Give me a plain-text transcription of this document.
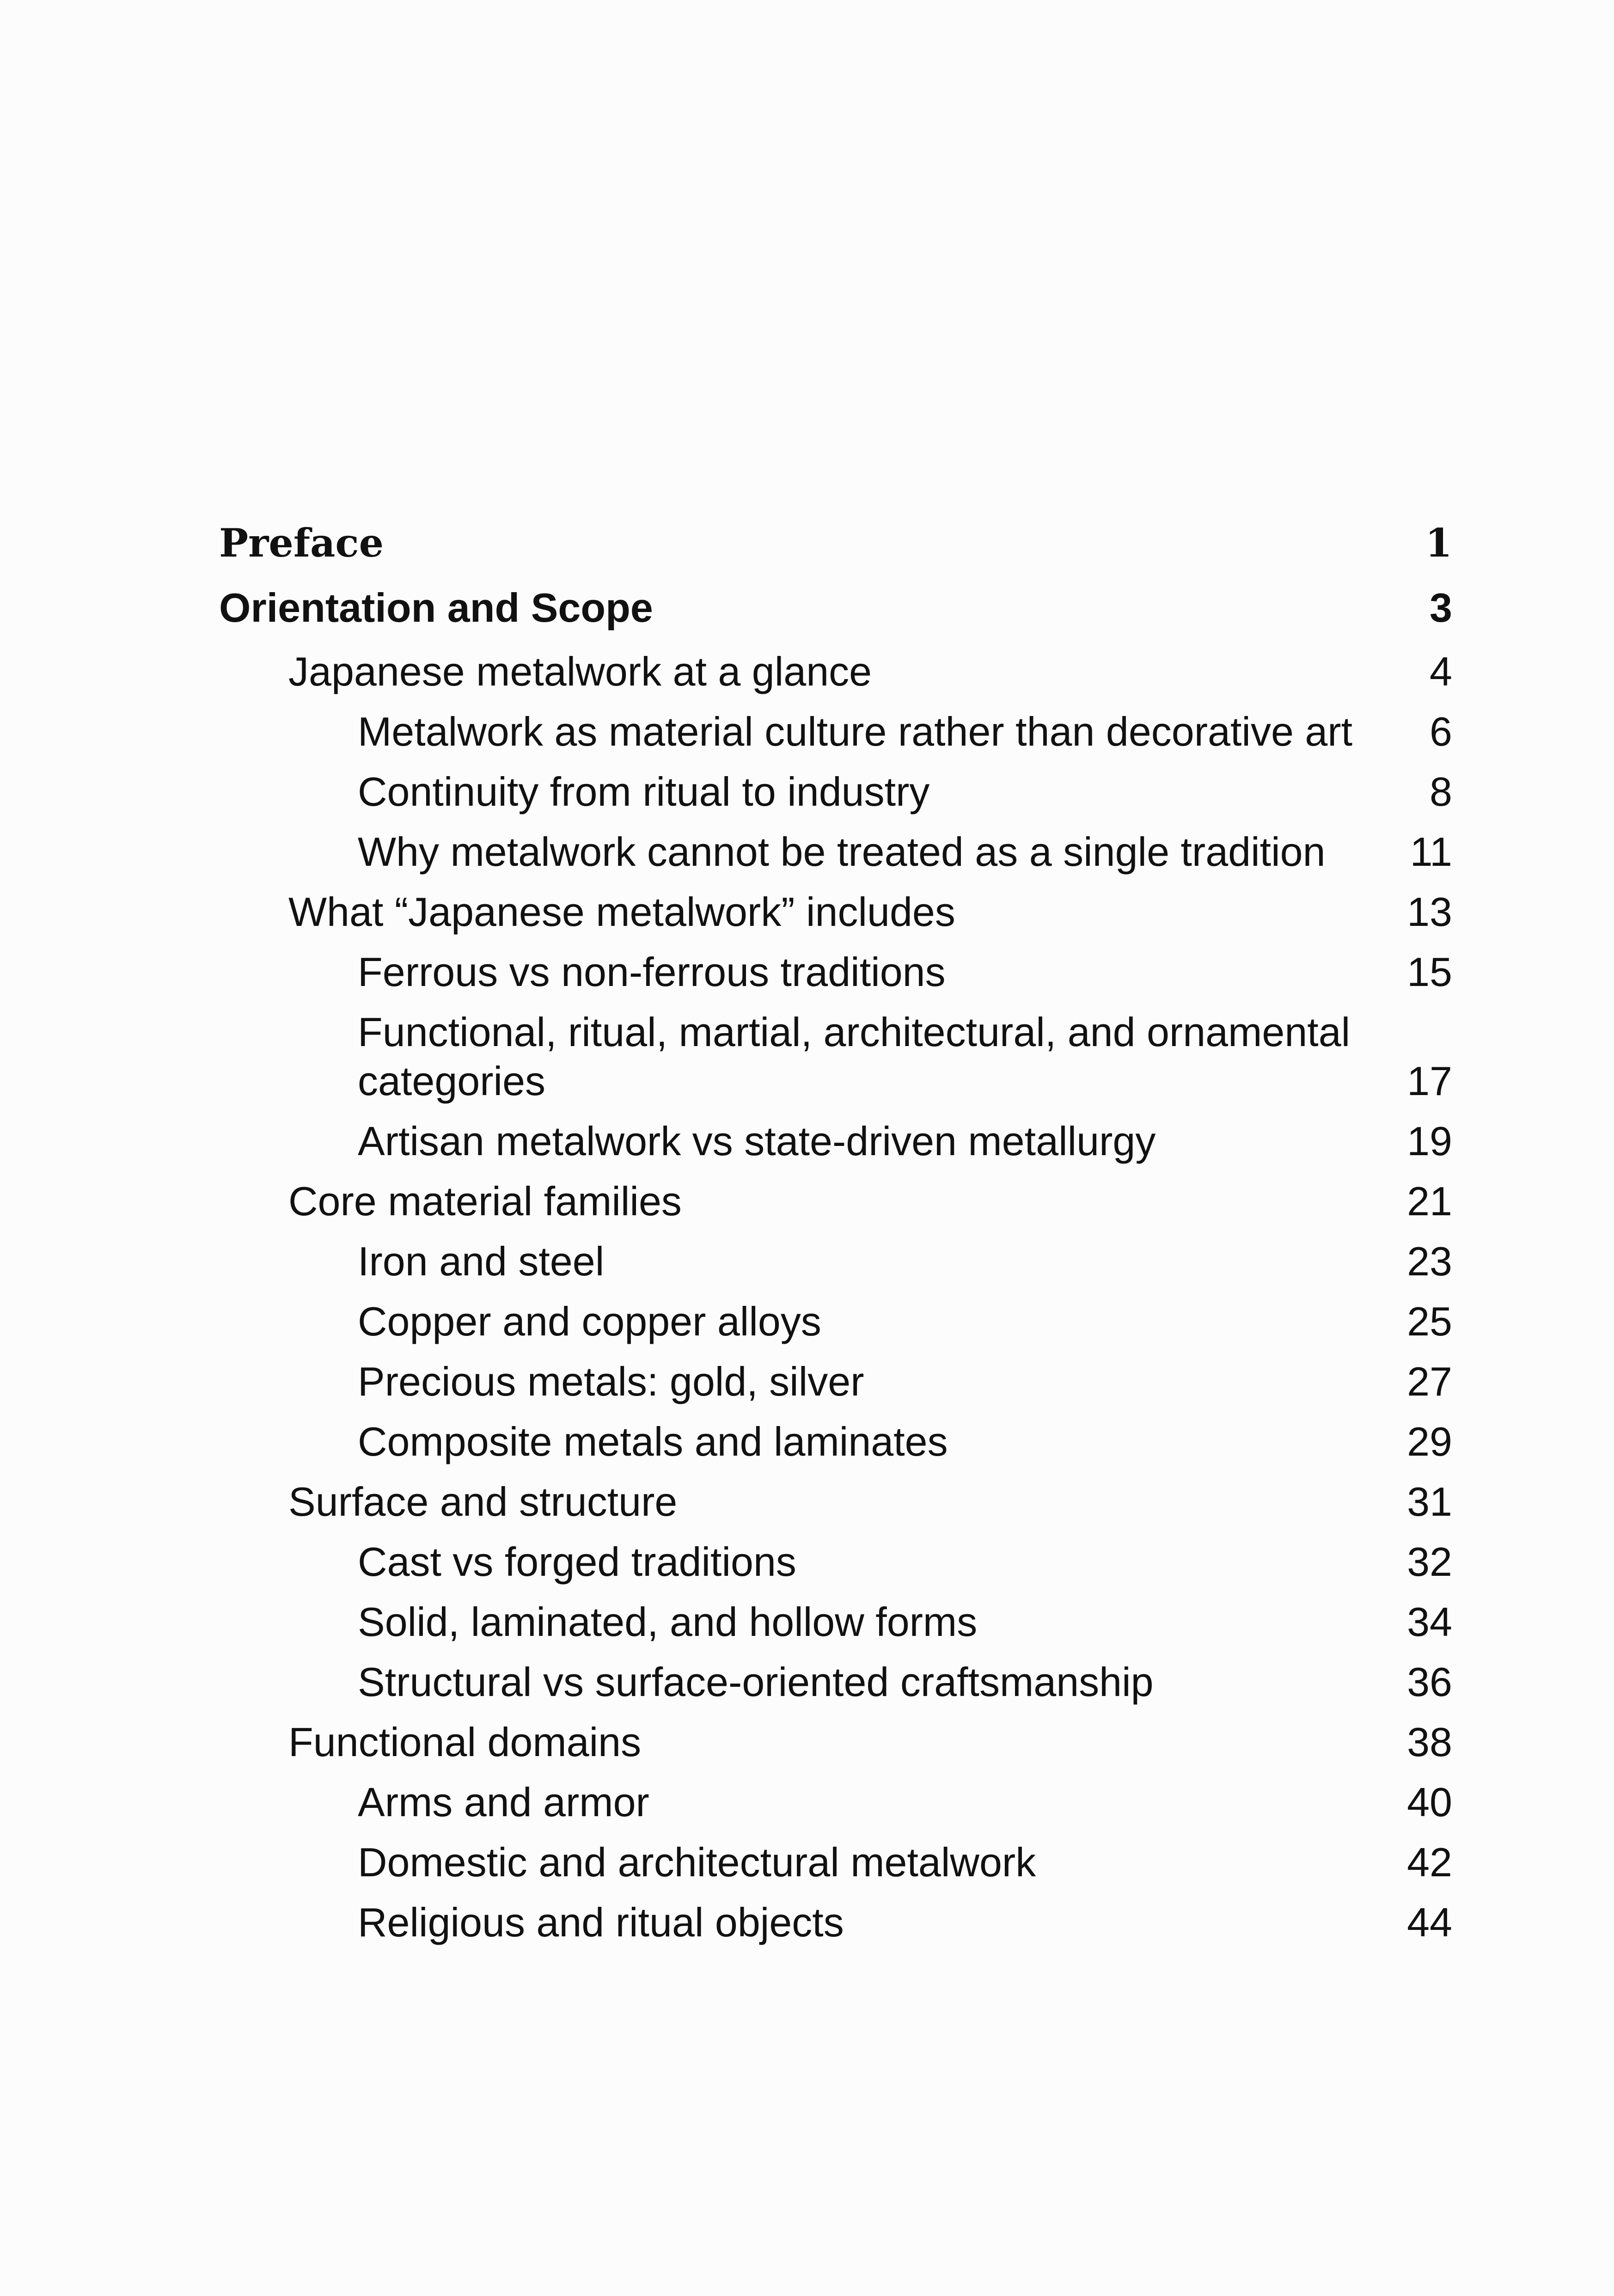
Preface	1
Orientation and Scope	3
Japanese metalwork at a glance	4
Metalwork as material culture rather than decorative art	6
Continuity from ritual to industry	8
Why metalwork cannot be treated as a single tradition	11
What “Japanese metalwork” includes	13
Ferrous vs non-ferrous traditions	15
Functional, ritual, martial, architectural, and ornamental categories	17
Artisan metalwork vs state-driven metallurgy	19
Core material families	21
Iron and steel	23
Copper and copper alloys	25
Precious metals: gold, silver	27
Composite metals and laminates	29
Surface and structure	31
Cast vs forged traditions	32
Solid, laminated, and hollow forms	34
Structural vs surface-oriented craftsmanship	36
Functional domains	38
Arms and armor	40
Domestic and architectural metalwork	42
Religious and ritual objects	44
